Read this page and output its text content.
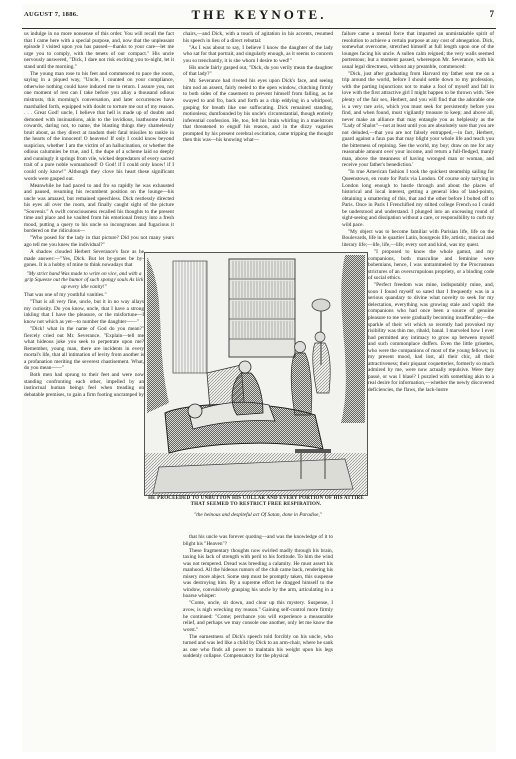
AUGUST 7, 1886.	THE KEYNOTE.	7

us indulge in no more nonsense of this order. You will recall the fact that I came here with a special purpose, and, now that the unpleasant episode I visited upon you has passed—thanks to your care—let me urge you to comply, with the tenets of our compact." His uncle nervously answered, "Dick, I dare not risk exciting you to-night, let it stand until the morning."

The young man rose to his feet and commenced to pace the room, saying in a piqued way, "Uncle, I counted on your compliance, otherwise nothing could have induced me to return. I assure you, not one moment of rest can I take before you allay a thousand odious mistrusts, this morning's conversation, and later occurrences have marshalled forth, equipped with doubt to torture me out of my reason. . . . Great God! uncle, I believe that hell is made up of doubts and demoned with insinuations, akin to the invidious, loathsome mortal cowards, daring not, to name, the blasting things they shamelessly bruit about, as they direct at random their fatal missiles to rankle in the hearts of the innocent! O heavens! If only I could know beyond suspicion, whether I am the victim of an hallucination, or whether the odious calumnies be true, and I, the dupe of a scheme laid so deeply and cunningly it springs from vile, wicked depredators of every sacred trait of a pure noble womanhood! O God! if I could only know! if I could only know!" Although they clove his heart these significant words were gasped out.

Meanwhile he had paced to and fro so rapidly he was exhausted and paused, resuming his recumbent position on the lounge—his uncle was amazed, but remained speechless. Dick restlessly directed his eyes all over the room, and finally caught sight of the picture "Souvenir." A swift consciousness recalled his thoughts to the present time and place and he vaulted from his emotional frenzy into a fresh mood, putting a query to his uncle so incongruous and fugacious it bordered on the ridiculous—

"Who posed for the lady in that picture? Did you not many years ago tell me you knew the individual?"

A shadow clouded Herbert Severance's face as he made answer:—"Yes, Dick. But let by-gones be by-gones. It is a hobby of mine to think nowadays that

"My strict hand Was made to write on vice, and with a grip Squeeze out the humor of such spongy souls As lick up every idle vanity!"

That was one of my youthful vanities."

"That is all very fine, uncle, but it in no way allays my curiosity. Do you know, uncle, that I have a strong inkling that I have the pleasure, or the misfortune—I know not which as yet—to number the daughter——"

"Dick! what in the name of God do you mean?" fiercely cried out Mr. Severance. "Explain—tell me what hideous joke you seek to perpetrate upon me? Remember, young man, there are incidents in every mortal's life, that all intimation of levity from another is a profanation meriting the severest chastisement. What, do you mean——"

Both men had sprung to their feet and were now standing confronting each other, impelled by an instinctual human beings feel when treading on debatable premises, to gain a firm footing uncramped by

chairs,—and Dick, with a touch of agitation in his accents, resumed his speech in lieu of a direct rebuttal:

"As I was about to say, I believe I know the daughter of the lady who sat for that portrait, and singularly enough, as it seems to concern you so trenchantly, it is she whom I desire to wed!"

His uncle fairly gasped out, "Dick, do you verily mean the daughter of that lady?"

Mr. Severance had riveted his eyes upon Dick's face, and seeing him nod an assent, fairly reeled to the open window, clutching firmly to both sides of the casement to prevent himself from falling, as he swayed to and fro, back and forth as a chip eddying in a whirlpool, gasping for breath like one suffocating. Dick remained standing, motionless; dumfounded by his uncle's circumstantial, though entirely inferential confession. He, too, felt his brain whirling in a maelstrom that threatened to engulf his reason, and in the dizzy vagaries prompted by his present cerebral excitation, came tripping the thought then this was—his knowing what—

HE PROCEEDED TO UNBUTTON HIS COLLAR AND EVERY PORTION OF HIS ATTIRE THAT SEEMED TO RESTRICT FREE RESPIRATION.
"the heinous and despiteful act Of Satan, done in Paradise,"

that his uncle was forever quoting—and was the knowledge of it to blight his "Heaven"?

These fragmentary thoughts now swirled madly through his brain, taxing his lack of strength with peril to his fortitude. To him the wind was not tempered. Dread was breeding a calamity. He must assert his manhood. All the hideous rumors of the club came back, rendering his misery more abject. Some step must be promptly taken, this suspense was destroying him. By a supreme effort he dragged himself to the window, convulsively grasping his uncle by the arm, articulating in a hoarse whisper:

"Come, uncle, sit down, and clear up this mystery. Suspense, I avow, is nigh wrecking my reason." Gaining self-control more firmly he continued: "Come; perchance you will experience a measurable relief, and perhaps we may console one another, only let me know the worst."

The earnestness of Dick's speech told forcibly on his uncle, who turned and was led like a child by Dick to an arm-chair, where he sank as one who finds all power to maintain his weight upon his legs suddenly collapse. Compensatory for the physical

failure came a mental force that imparted an unmistakable spirit of resolution to achieve a certain purpose at any cost of abnegation. Dick, somewhat overcome, stretched himself at full length upon one of the lounges facing his uncle. A sullen calm reigned; the very walls seemed portentous; but a moment passed, whereupon Mr. Severance, with his usual legal directness, without any preamble, commenced:

"Dick, just after graduating from Harvard my father sent me on a trip around the world, before I should settle down to my profession, with the parting injunctions not to make a fool of myself and fall in love with the first attractive girl I might happen to be thrown with. 'See plenty of the fair sex, Herbert, and you will find that the adorable one is a very rare avis, which you must seek for persistently before you find, and when found, must vigilantly treasure to keep; and above all, never make an alliance that may entangle you as helplessly as the "Lady of Shalot"—not at least until you are absolutely sure that you are not deluded,—that you are not falsely entrapped,—in fact, Herbert, guard against a faux pas that may blight your whole life and teach you the bitterness of repining. See the world, my boy; draw on me for any reasonable amount over your income, and return a full-fledged, manly man, above the meanness of having wronged man or woman, and receive your father's benediction.'

"In true American fashion I took the quickest steamship sailing for Queenstown, en route for Paris via London. Of course only tarrying in London long enough to hustle through and about the places of historical and local interest, getting a general idea of land-points, obtaining a smattering of this, that and the other before I bolted off to Paris. Once in Paris I Frenchified my stilted college French so I could be understood and understand. I plunged into an unceasing round of sight-seeing and dissipation without a care, or responsibility to curb my wild pace.

"My object was to become familiar with Parisian life, life on the Boulevards, life in le quartier Latin, bourgeois life, artistic, musical and literary life;—life, life,—life; every sort and kind, was my quest.

"I proposed to know the whole gamut, and my companions, both masculine and feminine were bohemians, hence, I was untrammeled by the Procrustean strictures of an overscrupulous propriety, or a binding code of social ethics.

"Perfect freedom was mine, indisputably mine, and, soon I found myself so sated that I frequently was in a serious quandary to divine what novelty to seek for my delectation, everything was growing stale and vapid: the companions who had once been a source of genuine pleasure to me were gradually becoming insufferable;—the sparkle of their wit which so recently had provoked my risibility was thin me, ribald, banal. I marveled how I ever had permitted any intimacy to grow up between myself and such commonplace duffers. Even the little grisettes, who were the companions of most of the young fellows; in my present mood, had lost, all their chic, all their attractiveness; their piquant coquetteries, formerly so much admired by me, were now actually repulsive. Were they passé, or was I blasé? I puzzled with something akin to a real desire for information,—whether the newly discovered deficiencies, the flaws, the lack-lustre
